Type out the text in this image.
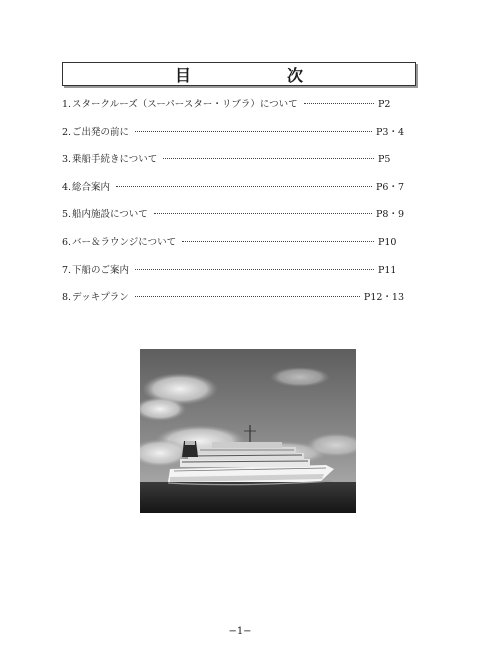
目　次
1. スタークルーズ（スーパースター・リブラ）について	P2
2. ご出発の前に	P3・4
3. 乗船手続きについて	P5
4. 総合案内	P6・7
5. 船内施設について	P8・9
6. バー＆ラウンジについて	P10
7. 下船のご案内	P11
8. デッキプラン	P12・13
−1−
